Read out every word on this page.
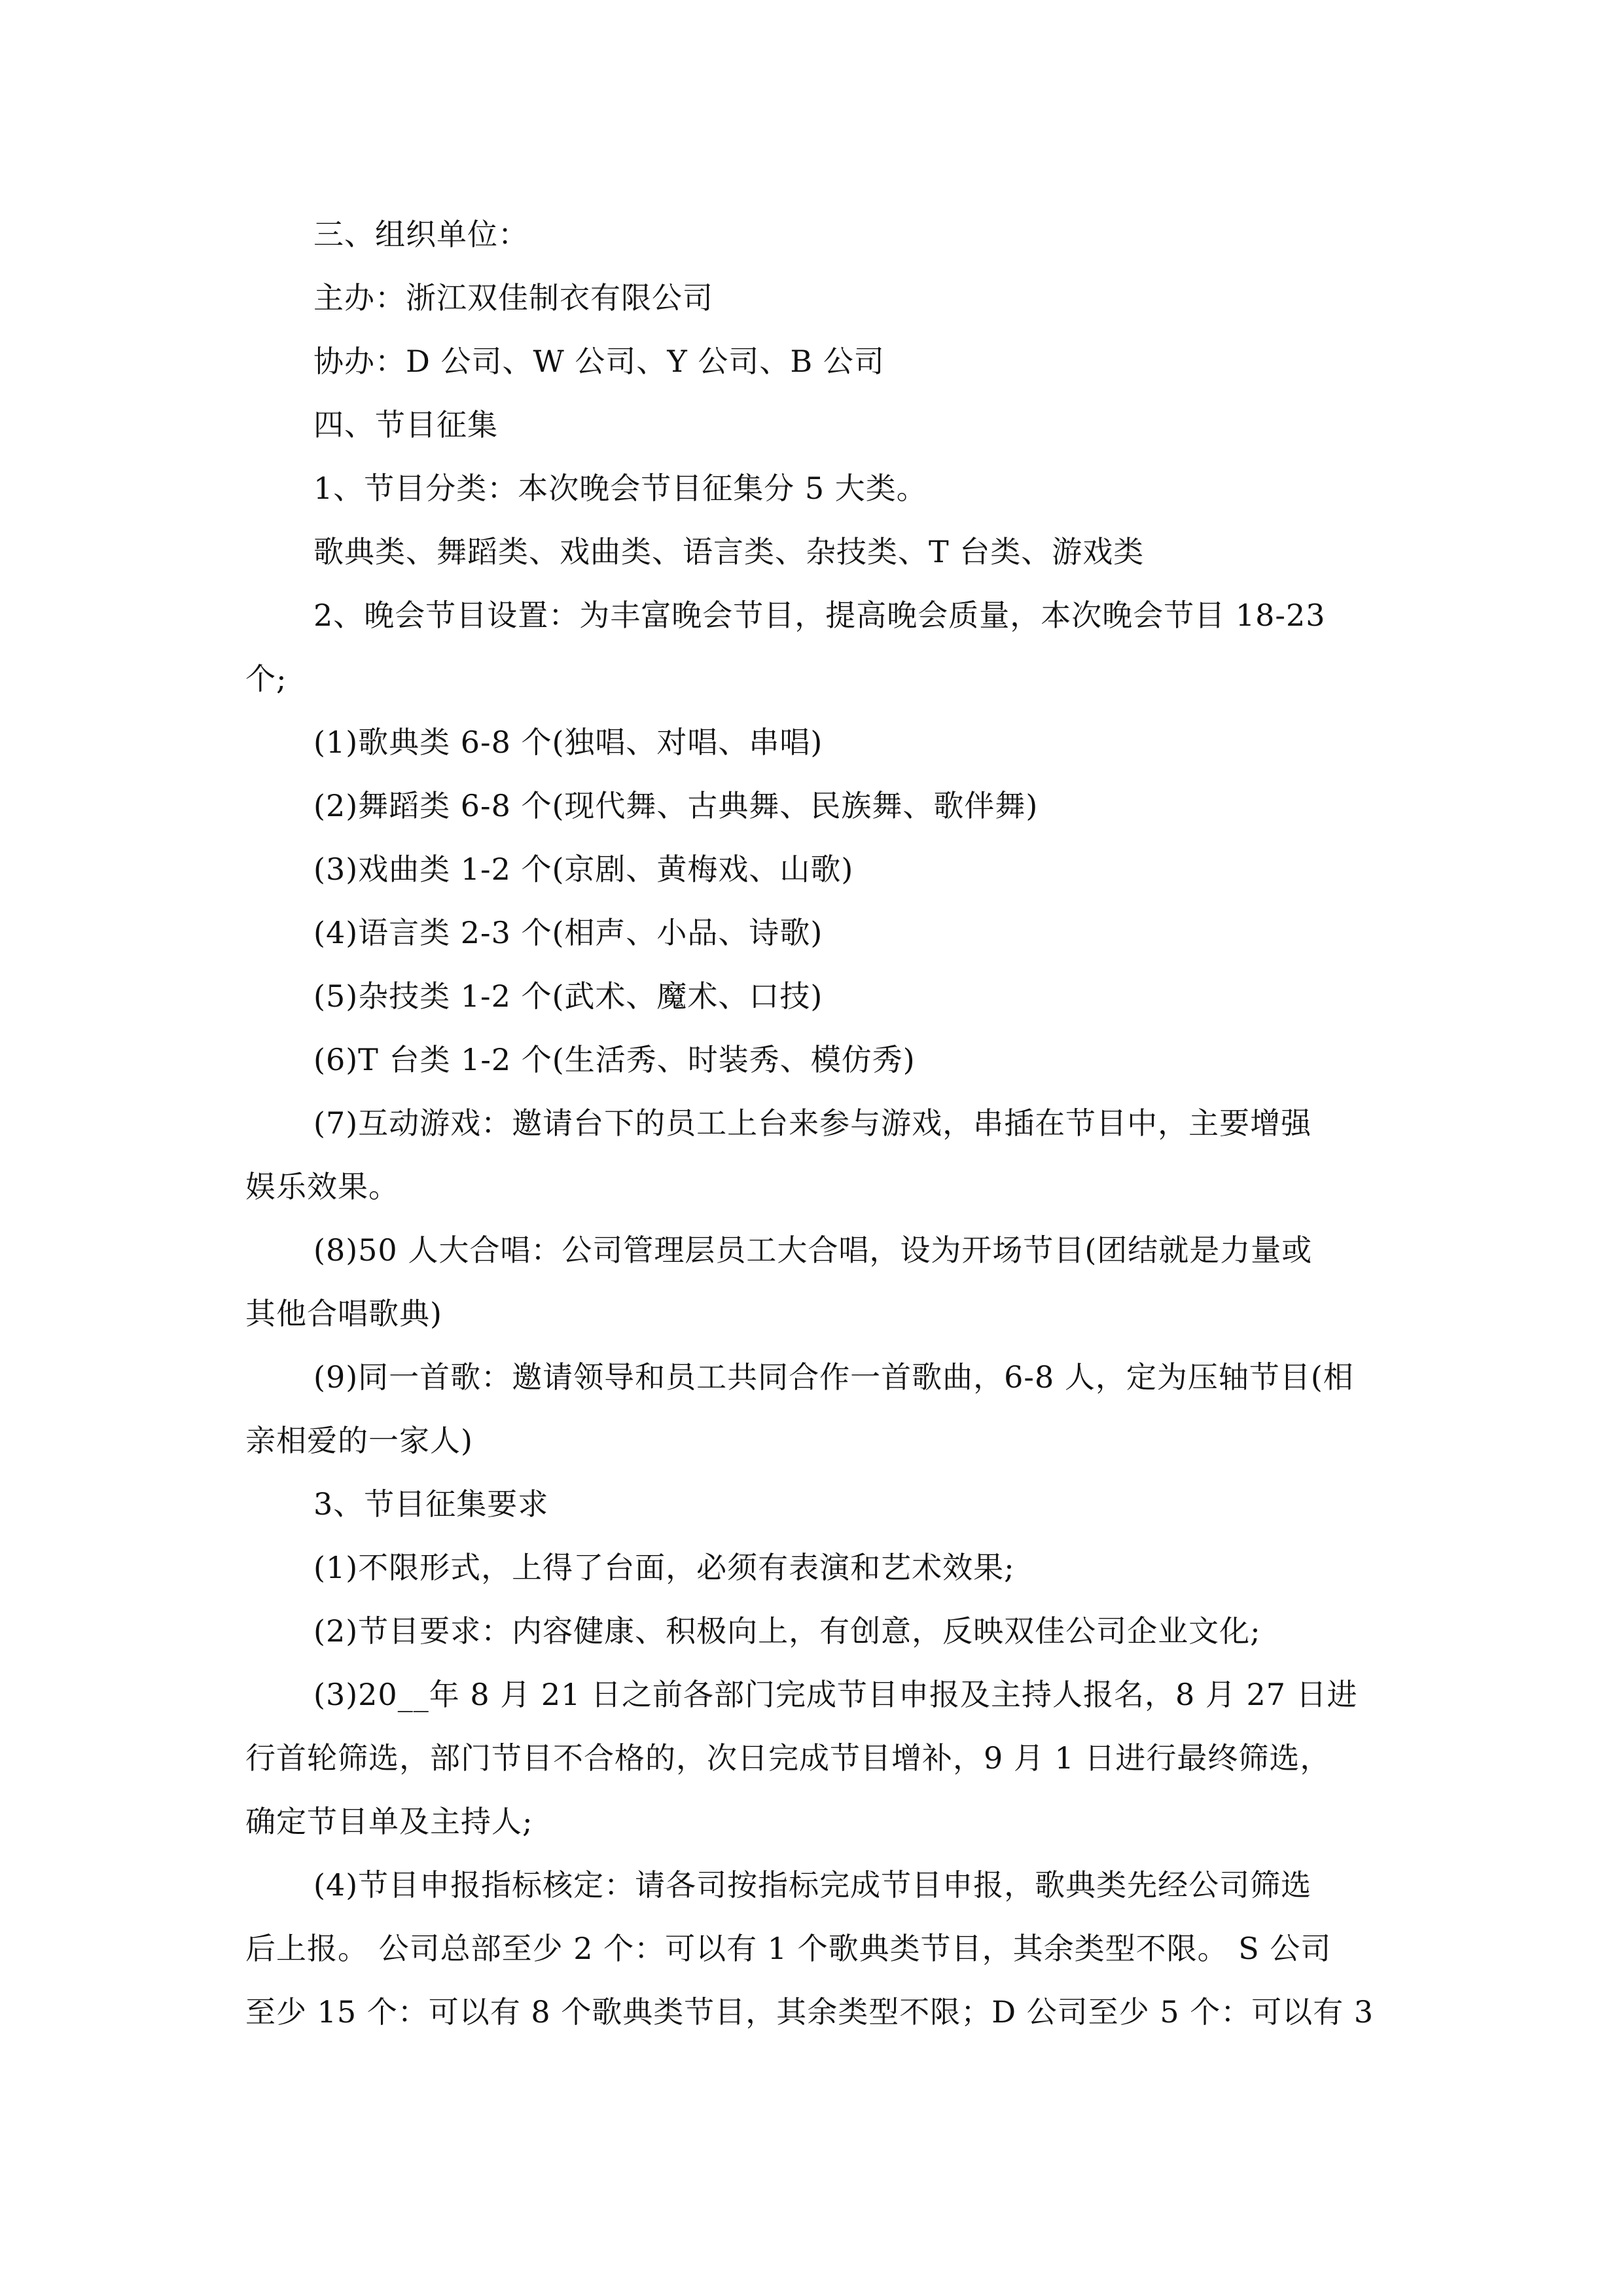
三、组织单位：
主办：浙江双佳制衣有限公司
协办：D 公司、W 公司、Y 公司、B 公司
四、节目征集
1、节目分类：本次晚会节目征集分 5 大类。
歌典类、舞蹈类、戏曲类、语言类、杂技类、T 台类、游戏类
2、晚会节目设置：为丰富晚会节目，提高晚会质量，本次晚会节目 18-23
个;
(1)歌典类 6-8 个(独唱、对唱、串唱)
(2)舞蹈类 6-8 个(现代舞、古典舞、民族舞、歌伴舞)
(3)戏曲类 1-2 个(京剧、黄梅戏、山歌)
(4)语言类 2-3 个(相声、小品、诗歌)
(5)杂技类 1-2 个(武术、魔术、口技)
(6)T 台类 1-2 个(生活秀、时装秀、模仿秀)
(7)互动游戏：邀请台下的员工上台来参与游戏，串插在节目中，主要增强
娱乐效果。
(8)50 人大合唱：公司管理层员工大合唱，设为开场节目(团结就是力量或
其他合唱歌典)
(9)同一首歌：邀请领导和员工共同合作一首歌曲，6-8 人，定为压轴节目(相
亲相爱的一家人)
3、节目征集要求
(1)不限形式，上得了台面，必须有表演和艺术效果;
(2)节目要求：内容健康、积极向上，有创意，反映双佳公司企业文化;
(3)20__年 8 月 21 日之前各部门完成节目申报及主持人报名，8 月 27 日进
行首轮筛选，部门节目不合格的，次日完成节目增补，9 月 1 日进行最终筛选，
确定节目单及主持人;
(4)节目申报指标核定：请各司按指标完成节目申报，歌典类先经公司筛选
后上报。 公司总部至少 2 个：可以有 1 个歌典类节目，其余类型不限。 S 公司
至少 15 个：可以有 8 个歌典类节目，其余类型不限；D 公司至少 5 个：可以有 3
